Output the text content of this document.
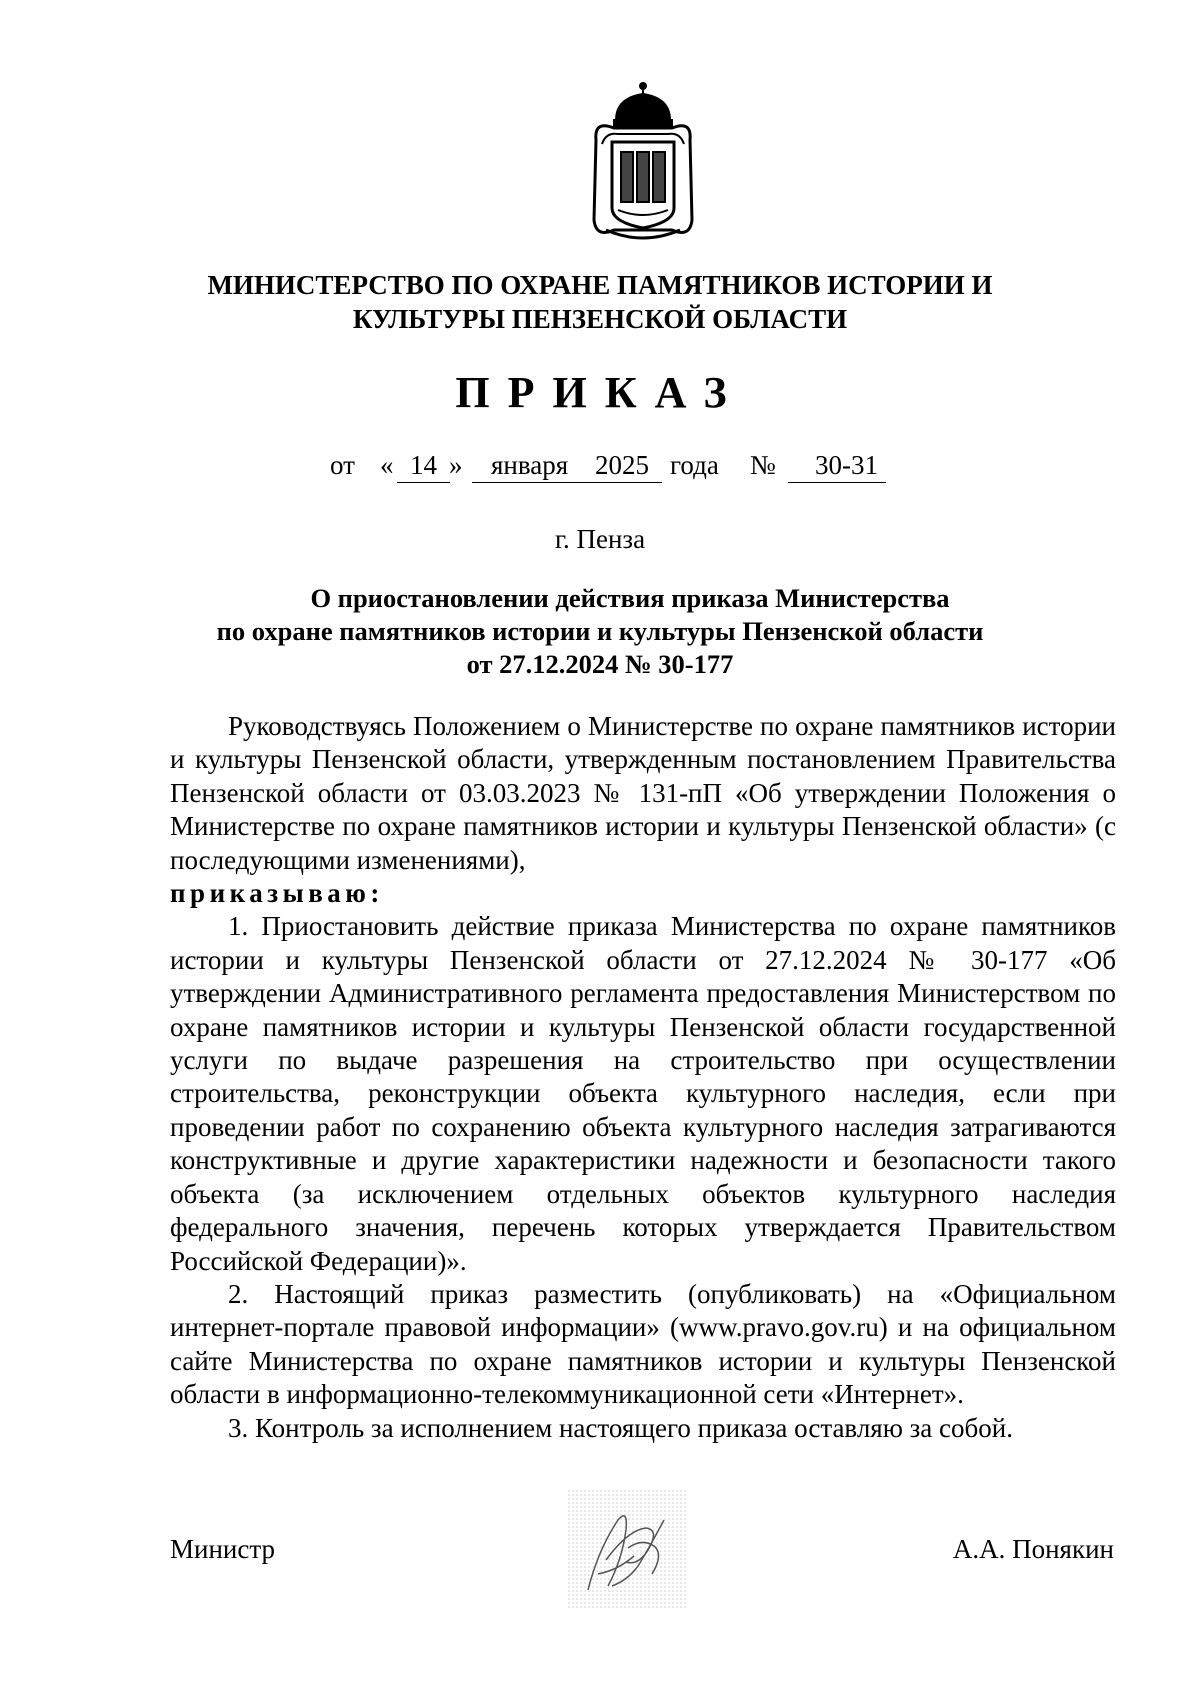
МИНИСТЕРСТВО ПО ОХРАНЕ ПАМЯТНИКОВ ИСТОРИИ И
КУЛЬТУРЫ ПЕНЗЕНСКОЙ ОБЛАСТИ
ПРИКАЗ
от « 14 » января 2025 года № 30-31
г. Пенза
О приостановлении действия приказа Министерства
по охране памятников истории и культуры Пензенской области
от 27.12.2024 № 30-177

Руководствуясь Положением о Министерстве по охране памятников истории и культуры Пензенской области, утвержденным постановлением Правительства Пензенской области от 03.03.2023 № 131-пП «Об утверждении Положения о Министерстве по охране памятников истории и культуры Пензенской области» (с последующими изменениями),

приказываю:

1. Приостановить действие приказа Министерства по охране памятников истории и культуры Пензенской области от 27.12.2024 № 30-177 «Об утверждении Административного регламента предоставления Министерством по охране памятников истории и культуры Пензенской области государственной услуги по выдаче разрешения на строительство при осуществлении строительства, реконструкции объекта культурного наследия, если при проведении работ по сохранению объекта культурного наследия затрагиваются конструктивные и другие характеристики надежности и безопасности такого объекта (за исключением отдельных объектов культурного наследия федерального значения, перечень которых утверждается Правительством Российской Федерации)».

2. Настоящий приказ разместить (опубликовать) на «Официальном интернет-портале правовой информации» (www.pravo.gov.ru) и на официальном сайте Министерства по охране памятников истории и культуры Пензенской области в информационно-телекоммуникационной сети «Интернет».

3. Контроль за исполнением настоящего приказа оставляю за собой.

Министр	А.А. Понякин
